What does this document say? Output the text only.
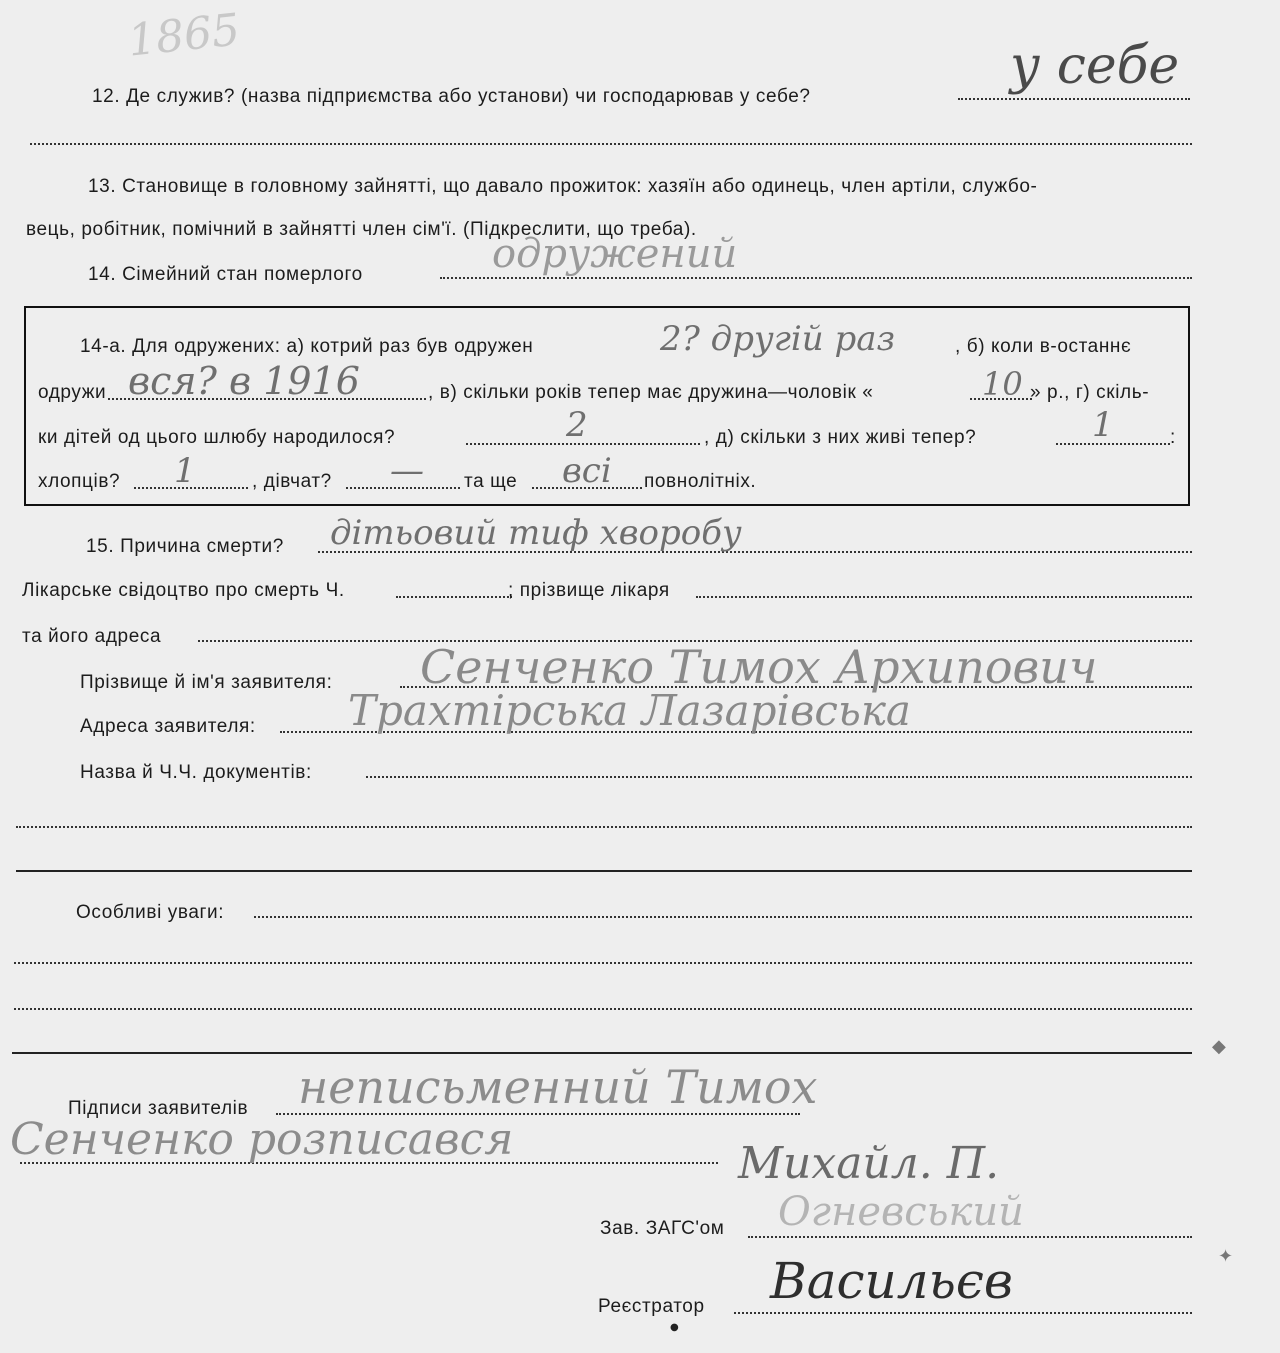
1865
12. Де служив? (назва підприємства або установи) чи господарював у себе?
у себе
13. Становище в головному зайнятті, що давало прожиток: хазяїн або одинець, член артіли, службо-
вець, робітник, помічний в зайнятті член сім'ї. (Підкреслити, що треба).
14. Сімейний стан померлого	одружений
14-а. Для одружених: а) котрий раз був одружен	2? другій раз	, б) коли в-останнє
одружи вся? в 1916	, в) скільки років тепер має дружина—чоловік «	10 » р., г) скіль-
ки дітей од цього шлюбу народилося?	2	, д) скільки з них живі тепер?	1	:
хлопців? 1	, дівчат? — та ще всі повнолітніх.
15. Причина смерти? дітьовий тиф хворобу
Лікарське свідоцтво про смерть Ч.	; прізвище лікаря
та його адреса
Прізвище й ім'я заявителя: Сенченко Тимох Архипович
Адреса заявителя: Трахтірська Лазарівська
Назва й Ч.Ч. документів:
Особливі уваги:
◆
Підписи заявителів неписьменний Тимох
Сенченко розписався	Михайл. П.
Зав. ЗАГС'ом Огневський
✦
Реєстратор Васильєв
●
